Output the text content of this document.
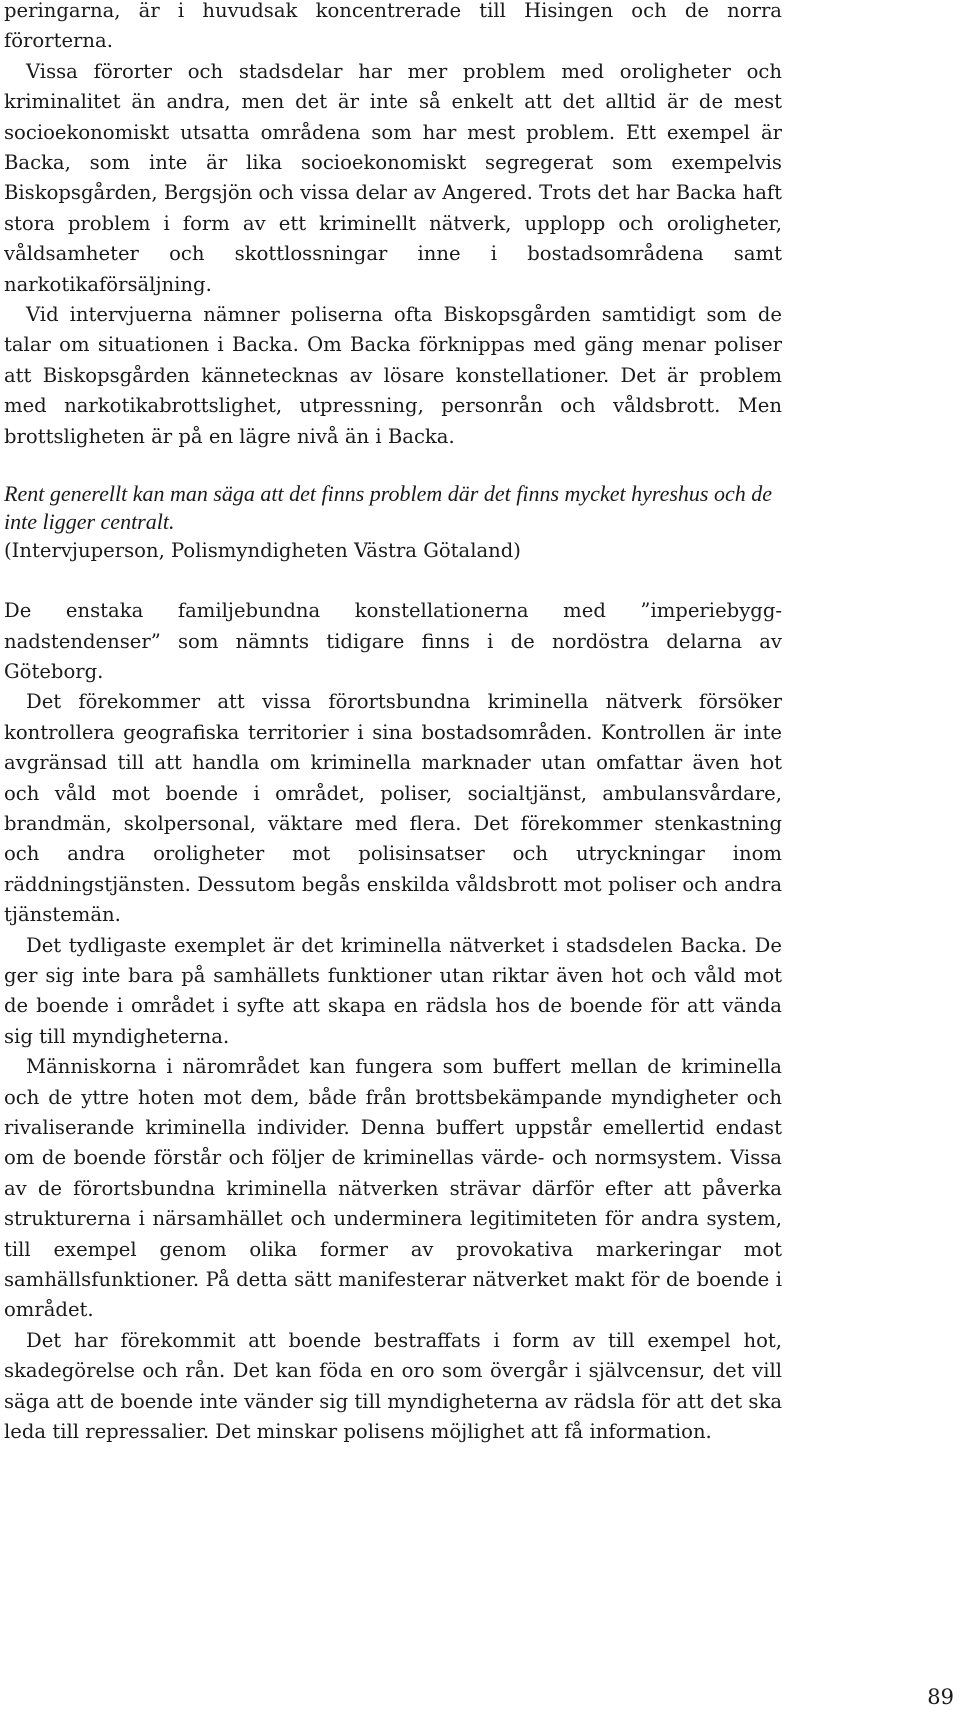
peringarna, är i huvudsak koncentrerade till Hisingen och de norra förorterna.

Vissa förorter och stadsdelar har mer problem med oroligheter och kriminalitet än andra, men det är inte så enkelt att det alltid är de mest socioekonomiskt utsatta områdena som har mest problem. Ett exempel är Backa, som inte är lika socioekonomiskt segregerat som exempelvis Biskopsgården, Bergsjön och vissa delar av Angered. Trots det har Backa haft stora problem i form av ett kriminellt nätverk, upplopp och oroligheter, våldsamheter och skottlossningar inne i bostadsområdena samt narkotikaförsäljning.

Vid intervjuerna nämner poliserna ofta Biskopsgården samtidigt som de talar om situationen i Backa. Om Backa förknippas med gäng menar poliser att Biskopsgården kännetecknas av lösare konstellationer. Det är problem med narkotikabrottslighet, utpressning, personrån och våldsbrott. Men brottsligheten är på en lägre nivå än i Backa.

Rent generellt kan man säga att det finns problem där det finns mycket hyreshus och de inte ligger centralt.

(Intervjuperson, Polismyndigheten Västra Götaland)

De enstaka familjebundna konstellationerna med ”imperiebyggnadstendenser” som nämnts tidigare finns i de nordöstra delarna av Göteborg.

Det förekommer att vissa förortsbundna kriminella nätverk försöker kontrollera geografiska territorier i sina bostadsområden. Kontrollen är inte avgränsad till att handla om kriminella marknader utan omfattar även hot och våld mot boende i området, poliser, socialtjänst, ambulansvårdare, brandmän, skolpersonal, väktare med flera. Det förekommer stenkastning och andra oroligheter mot polisinsatser och utryckningar inom räddningstjänsten. Dessutom begås enskilda våldsbrott mot poliser och andra tjänstemän.

Det tydligaste exemplet är det kriminella nätverket i stadsdelen Backa. De ger sig inte bara på samhällets funktioner utan riktar även hot och våld mot de boende i området i syfte att skapa en rädsla hos de boende för att vända sig till myndigheterna.

Människorna i närområdet kan fungera som buffert mellan de kriminella och de yttre hoten mot dem, både från brottsbekämpande myndigheter och rivaliserande kriminella individer. Denna buffert uppstår emellertid endast om de boende förstår och följer de kriminellas värde- och normsystem. Vissa av de förortsbundna kriminella nätverken strävar därför efter att påverka strukturerna i närsamhället och underminera legitimiteten för andra system, till exempel genom olika former av provokativa markeringar mot samhällsfunktioner. På detta sätt manifesterar nätverket makt för de boende i området.

Det har förekommit att boende bestraffats i form av till exempel hot, skadegörelse och rån. Det kan föda en oro som övergår i självcensur, det vill säga att de boende inte vänder sig till myndigheterna av rädsla för att det ska leda till repressalier. Det minskar polisens möjlighet att få information.

89
